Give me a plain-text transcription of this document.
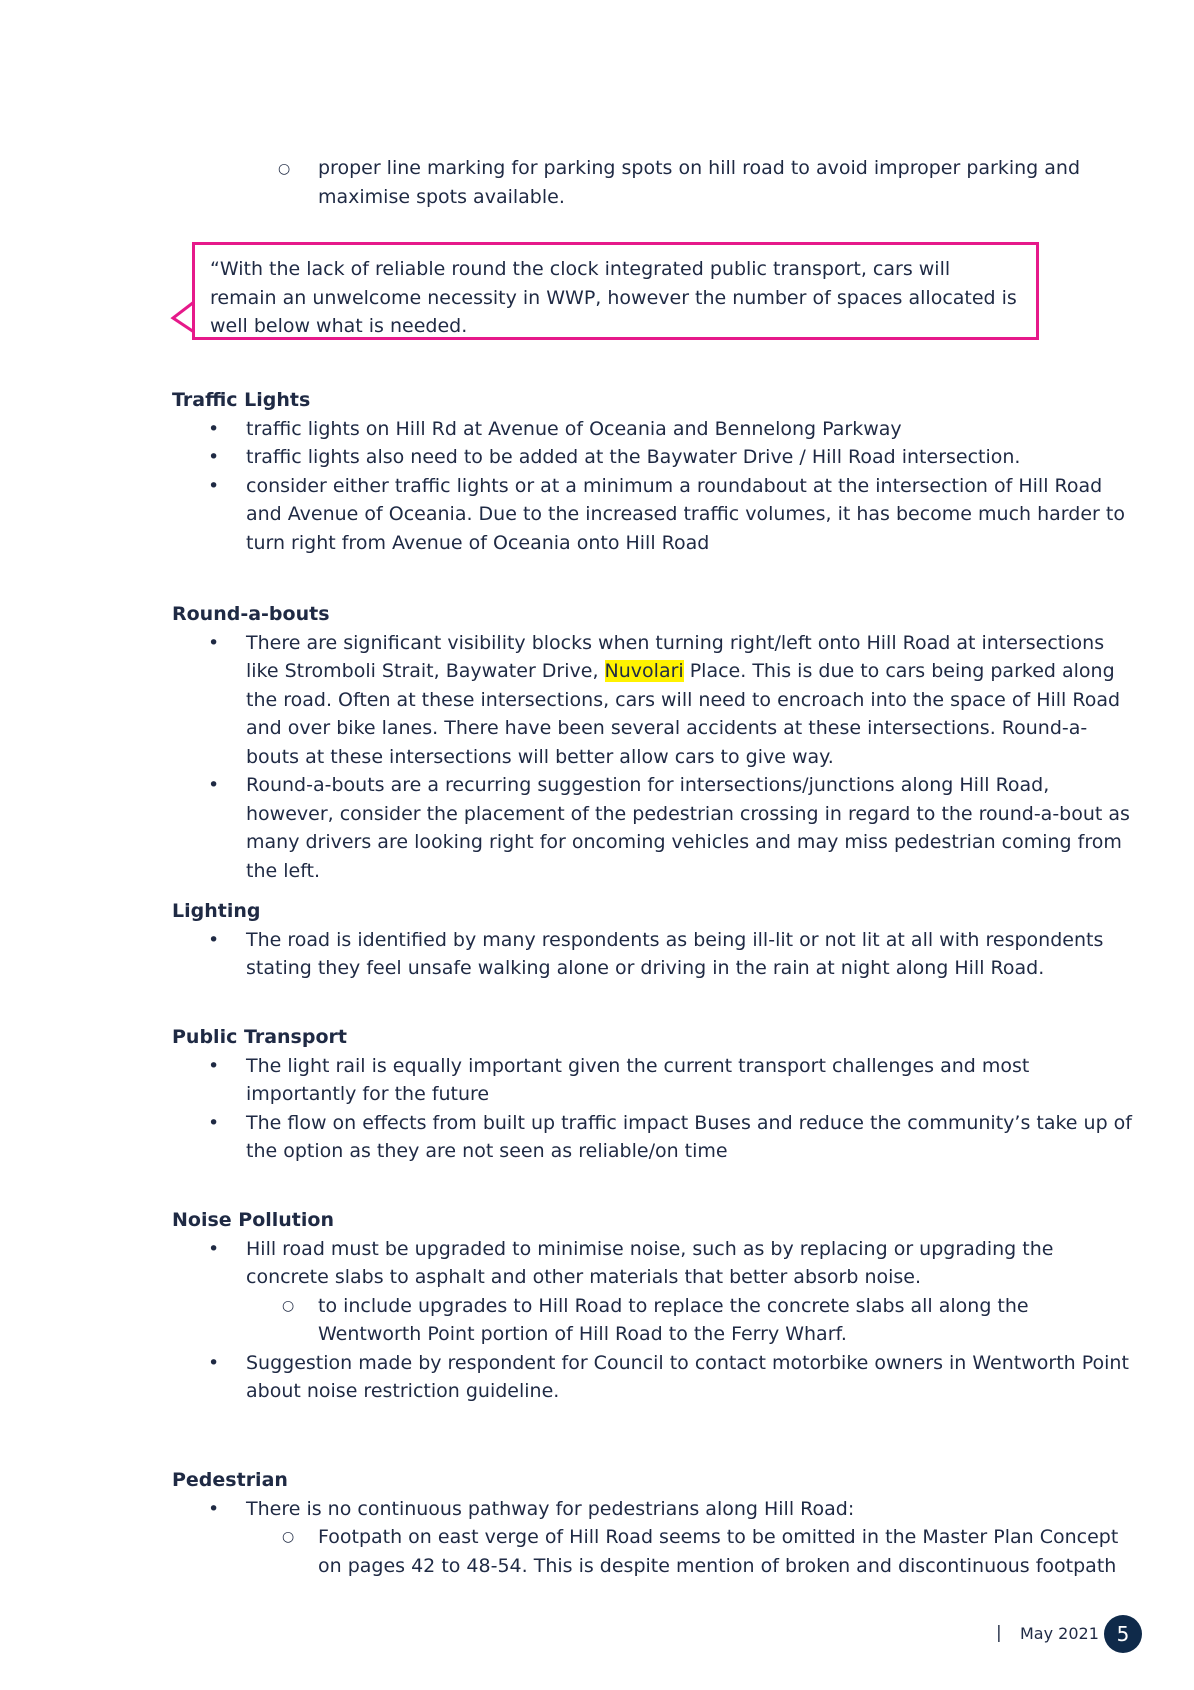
○ proper line marking for parking spots on hill road to avoid improper parking and maximise spots available.
“With the lack of reliable round the clock integrated public transport, cars will remain an unwelcome necessity in WWP, however the number of spaces allocated is well below what is needed.
Traffic Lights
• traffic lights on Hill Rd at Avenue of Oceania and Bennelong Parkway
• traffic lights also need to be added at the Baywater Drive / Hill Road intersection.
• consider either traffic lights or at a minimum a roundabout at the intersection of Hill Road and Avenue of Oceania. Due to the increased traffic volumes, it has become much harder to turn right from Avenue of Oceania onto Hill Road
Round-a-bouts
• There are significant visibility blocks when turning right/left onto Hill Road at intersections like Stromboli Strait, Baywater Drive, Nuvolari Place. This is due to cars being parked along the road. Often at these intersections, cars will need to encroach into the space of Hill Road and over bike lanes. There have been several accidents at these intersections. Round-a-bouts at these intersections will better allow cars to give way.
• Round-a-bouts are a recurring suggestion for intersections/junctions along Hill Road, however, consider the placement of the pedestrian crossing in regard to the round-a-bout as many drivers are looking right for oncoming vehicles and may miss pedestrian coming from the left.
Lighting
• The road is identified by many respondents as being ill-lit or not lit at all with respondents stating they feel unsafe walking alone or driving in the rain at night along Hill Road.
Public Transport
• The light rail is equally important given the current transport challenges and most importantly for the future
• The flow on effects from built up traffic impact Buses and reduce the community’s take up of the option as they are not seen as reliable/on time
Noise Pollution
• Hill road must be upgraded to minimise noise, such as by replacing or upgrading the concrete slabs to asphalt and other materials that better absorb noise.
○ to include upgrades to Hill Road to replace the concrete slabs all along the Wentworth Point portion of Hill Road to the Ferry Wharf.
• Suggestion made by respondent for Council to contact motorbike owners in Wentworth Point about noise restriction guideline.
Pedestrian
• There is no continuous pathway for pedestrians along Hill Road:
○ Footpath on east verge of Hill Road seems to be omitted in the Master Plan Concept on pages 42 to 48-54. This is despite mention of broken and discontinuous footpath
| May 2021 5
